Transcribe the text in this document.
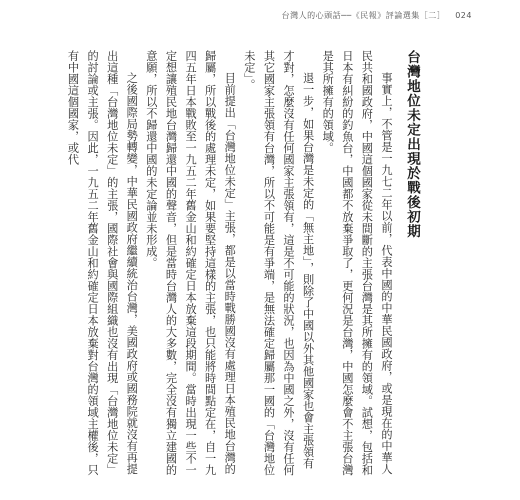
台灣人的心頭話──《民報》評論選集［二］ 024
台灣地位未定出現於戰後初期

事實上，不管是一九七二年以前，代表中國的中華民國政府，或是現在的中華人民共和國政府，中國這個國家從未間斷的主張台灣是其所擁有的領域。試想，包括和日本有糾紛的釣魚台，中國都不放棄爭取了，更何況是台灣，中國怎麼會不主張台灣是其所擁有的領域。

退一步，如果台灣是未定的「無主地」，則除了中國以外其他國家也會主張領有才對，怎麼沒有任何國家主張領有，這是不可能的狀況，也因為中國之外，沒有任何其它國家主張領有台灣，所以不可能是有爭端，是無法確定歸屬那一國的「台灣地位未定」。

目前提出「台灣地位未定」主張，都是以當時戰勝國沒有處理日本殖民地台灣的歸屬，所以戰後的處理未定，如果要堅持這樣的主張，也只能將時間點定在，自一九四五年日本戰敗至一九五二年舊金山和約確定日本放棄這段期間。當時出現一些不一定想讓殖民地台灣歸還中國的聲音，但是當時台灣人的大多數，完全沒有獨立建國的意願，所以不歸還中國的未定論並未形成。

之後國際局勢轉變，中華民國政府繼續統治台灣，美國政府或國務院就沒有再提出這種「台灣地位未定」的主張，國際社會與國際組織也沒有出現「台灣地位未定」的討論或主張。因此，一九五二年舊金山和約確定日本放棄對台灣的領域主權後，只有中國這個國家，或代
